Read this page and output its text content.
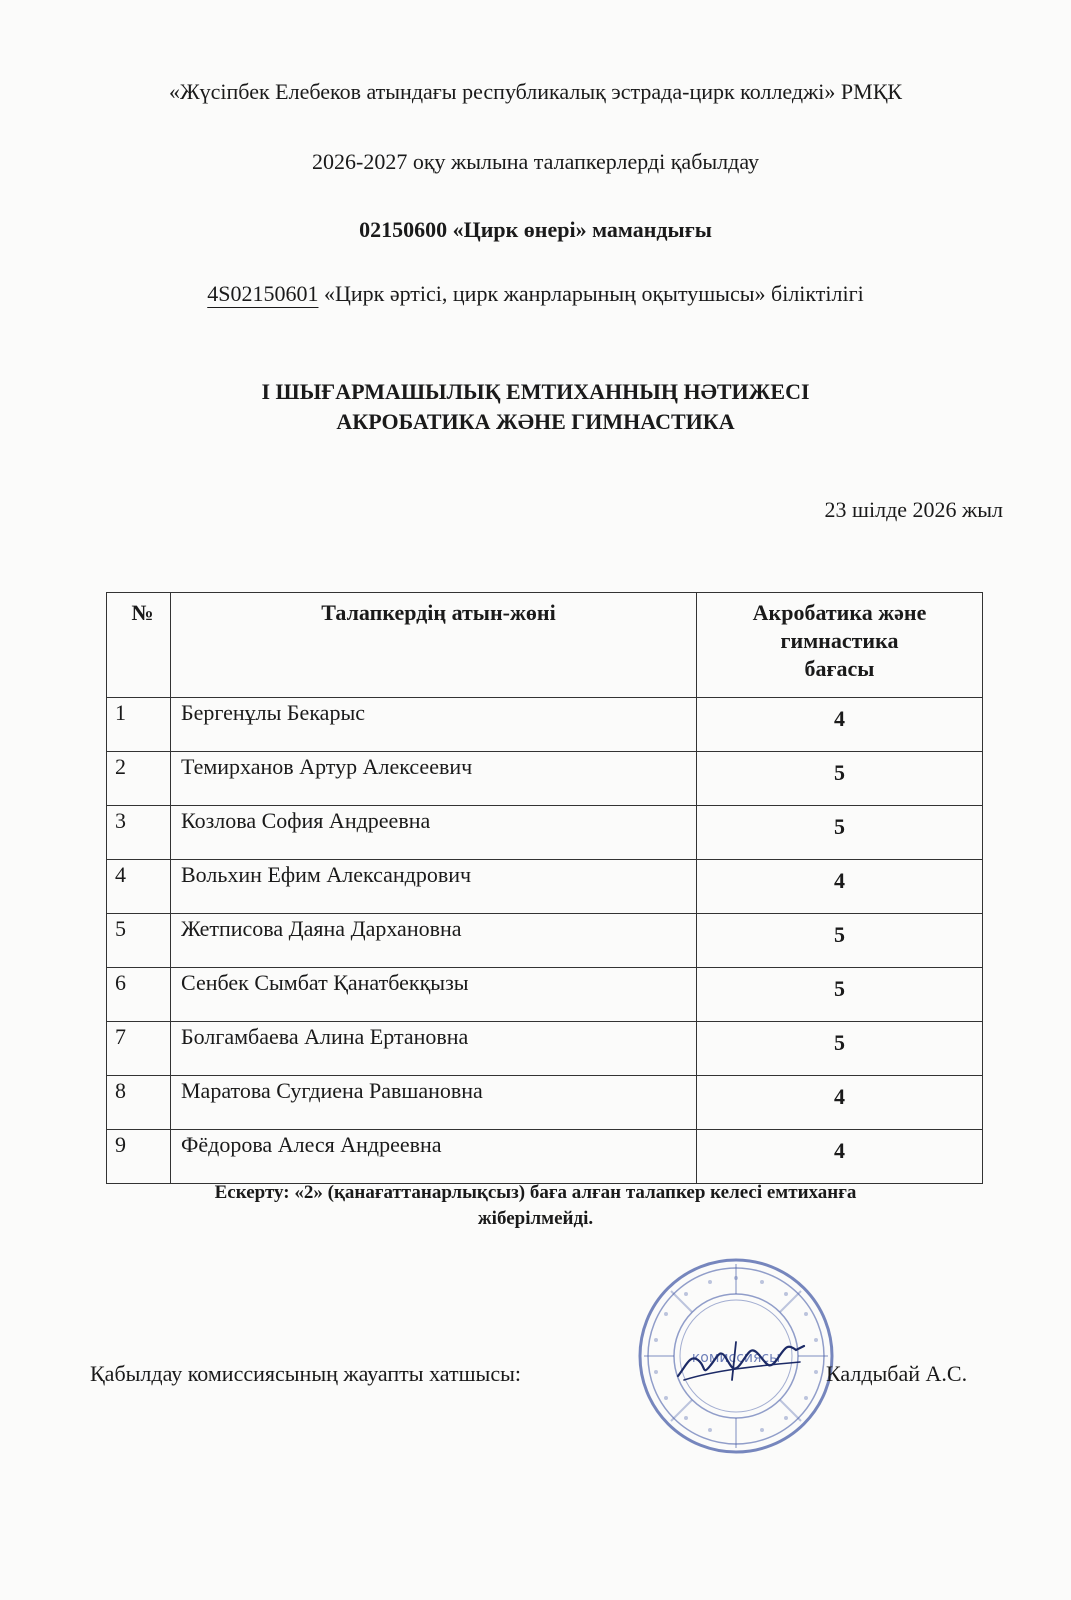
«Жүсіпбек Елебеков атындағы республикалық эстрада-цирк колледжі» РМҚК
2026-2027 оқу жылына талапкерлерді қабылдау
02150600 «Цирк өнері» мамандығы
4S02150601 «Цирк әртісі, цирк жанрларының оқытушысы» біліктілігі
І ШЫҒАРМАШЫЛЫҚ ЕМТИХАННЫҢ НӘТИЖЕСІ
АКРОБАТИКА ЖӘНЕ ГИМНАСТИКА
23 шілде 2026 жыл
№	Талапкердің атын-жөні	Акробатика және
гимнастика
бағасы

1	Бергенұлы Бекарыс	4
2	Темирханов Артур Алексеевич	5
3	Козлова София Андреевна	5
4	Вольхин Ефим Александрович	4
5	Жетписова Даяна Дархановна	5
6	Сенбек Сымбат Қанатбекқызы	5
7	Болгамбаева Алина Ертановна	5
8	Маратова Сугдиена Равшановна	4
9	Фёдорова Алеся Андреевна	4
Ескерту: «2» (қанағаттанарлықсыз) баға алған талапкер келесі емтиханға
жіберілмейді.
комиссиясы
Қабылдау комиссиясының жауапты хатшысы:	Калдыбай А.С.
